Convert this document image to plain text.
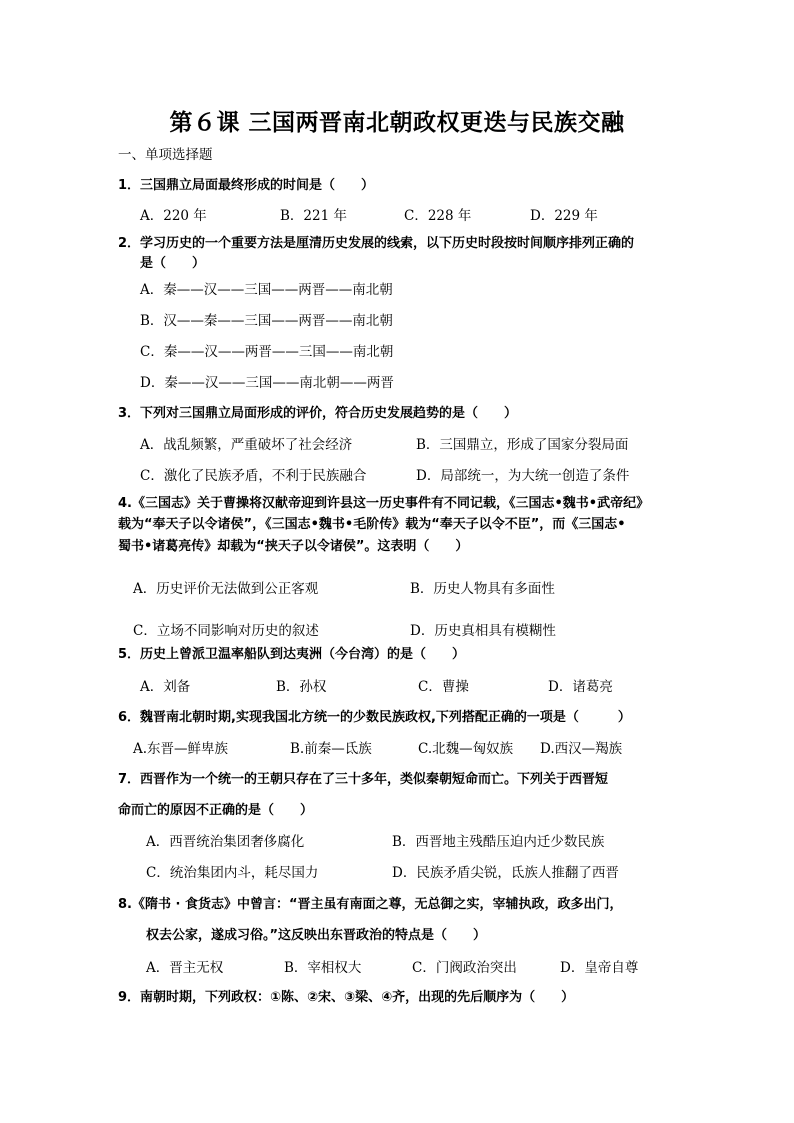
第６课 三国两晋南北朝政权更迭与民族交融
一、单项选择题
1．三国鼎立局面最终形成的时间是（　　）
A．220 年	B．221 年	C．228 年	D．229 年
2．学习历史的一个重要方法是厘清历史发展的线索，以下历史时段按时间顺序排列正确的
是（　　）
A．秦——汉——三国——两晋——南北朝
B．汉——秦——三国——两晋——南北朝
C．秦——汉——两晋——三国——南北朝
D．秦——汉——三国——南北朝——两晋
3．下列对三国鼎立局面形成的评价，符合历史发展趋势的是（　　）
A．战乱频繁，严重破坏了社会经济	B．三国鼎立，形成了国家分裂局面
C．激化了民族矛盾，不利于民族融合	D．局部统一，为大统一创造了条件
4.《三国志》关于曹操将汉献帝迎到许县这一历史事件有不同记载，《三国志•魏书•武帝纪》
载为“奉天子以令诸侯”，《三国志•魏书•毛阶传》载为“奉天子以令不臣”，而《三国志•
蜀书•诸葛亮传》却载为“挟天子以令诸侯”。这表明（　　）
A．历史评价无法做到公正客观	B．历史人物具有多面性
C．立场不同影响对历史的叙述	D．历史真相具有模糊性
5．历史上曾派卫温率船队到达夷洲（今台湾）的是（　　）
A．刘备	B．孙权	C．曹操	D．诸葛亮
6．魏晋南北朝时期,实现我国北方统一的少数民族政权,下列搭配正确的一项是（　　　）
A.东晋—鲜卑族	B.前秦—氐族	C.北魏—匈奴族 D.西汉—羯族
7．西晋作为一个统一的王朝只存在了三十多年，类似秦朝短命而亡。下列关于西晋短
命而亡的原因不正确的是（　　）
A．西晋统治集团奢侈腐化	B．西晋地主残酷压迫内迁少数民族
C．统治集团内斗，耗尽国力	D．民族矛盾尖锐，氐族人推翻了西晋
8.《隋书 · 食货志》中曾言：“晋主虽有南面之尊，无总御之实，宰辅执政，政多出门，
权去公家，遂成习俗。”这反映出东晋政治的特点是（　　）
A．晋主无权	B．宰相权大	C．门阀政治突出	D．皇帝自尊
9．南朝时期，下列政权：①陈、②宋、③梁、④齐，出现的先后顺序为（　　）
